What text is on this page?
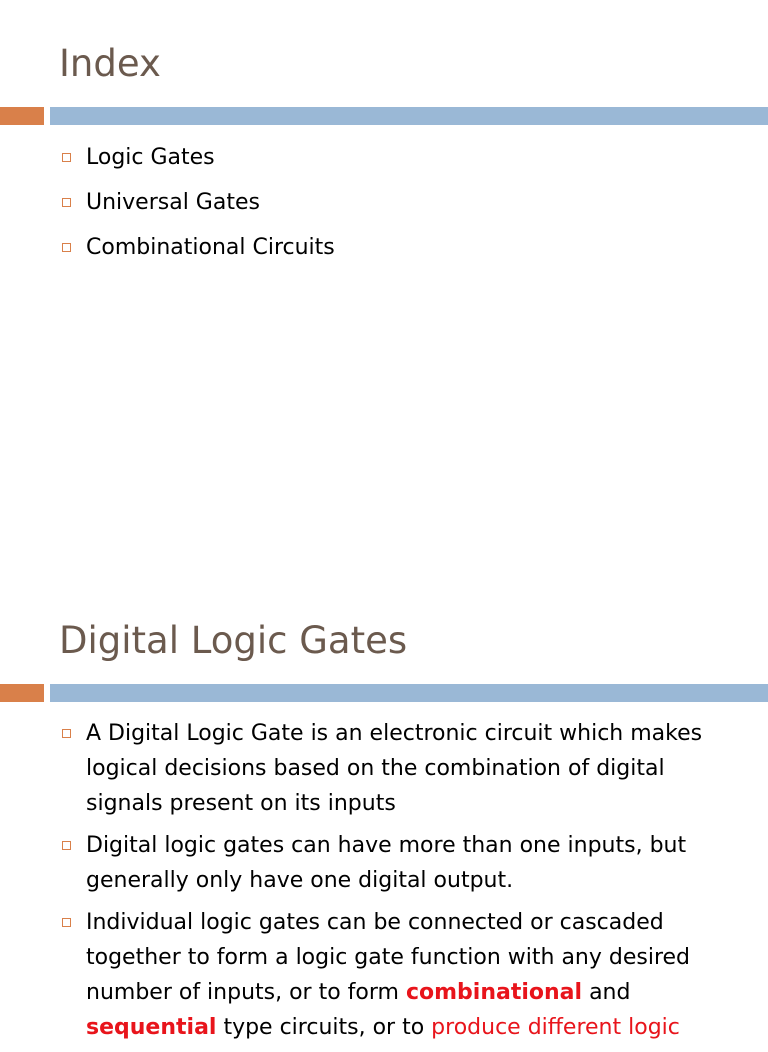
Index
Logic Gates
Universal Gates
Combinational Circuits
Digital Logic Gates
A Digital Logic Gate is an electronic circuit which makes logical decisions based on the combination of digital signals present on its inputs
Digital logic gates can have more than one inputs, but generally only have one digital output.
Individual logic gates can be connected or cascaded together to form a logic gate function with any desired number of inputs, or to form combinational and sequential type circuits, or to produce different logic
